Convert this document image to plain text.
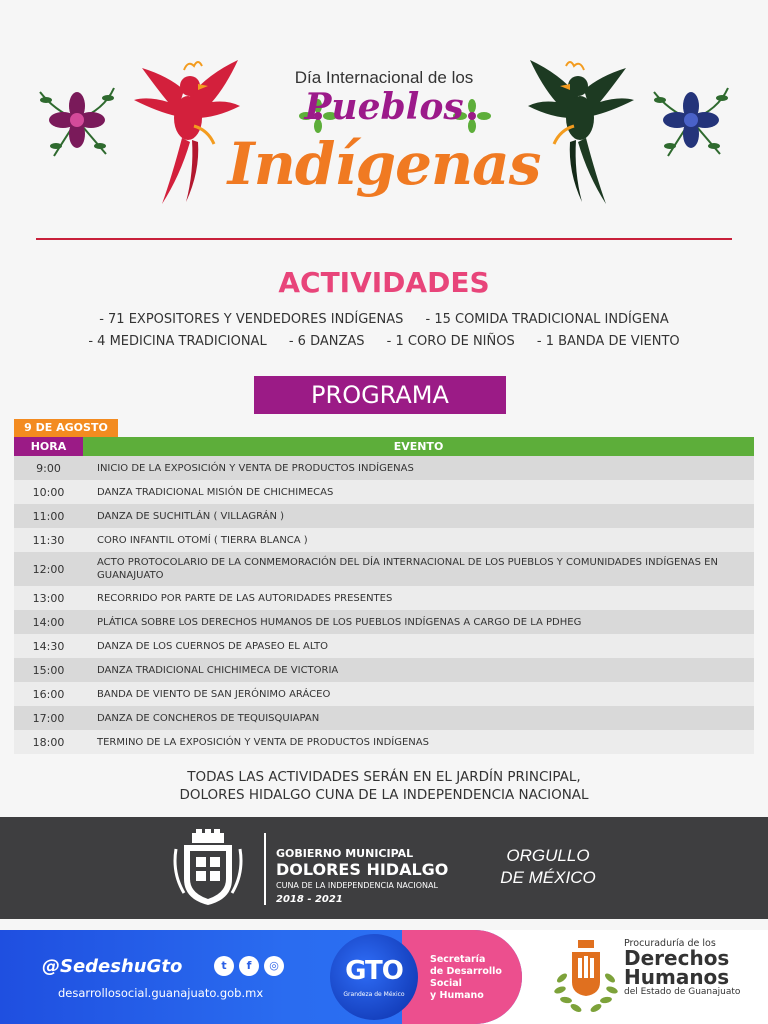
Día Internacional de los
Pueblos
Indígenas
ACTIVIDADES
- 71 EXPOSITORES Y VENDEDORES INDÍGENAS - 15 COMIDA TRADICIONAL INDÍGENA
- 4 MEDICINA TRADICIONAL - 6 DANZAS - 1 CORO DE NIÑOS - 1 BANDA DE VIENTO
PROGRAMA
9 DE AGOSTO
HORA	EVENTO
9:00	INICIO DE LA EXPOSICIÓN Y VENTA DE PRODUCTOS INDÍGENAS
10:00	DANZA TRADICIONAL MISIÓN DE CHICHIMECAS
11:00	DANZA DE SUCHITLÁN ( VILLAGRÁN )
11:30	CORO INFANTIL OTOMÍ ( TIERRA BLANCA )
12:00	ACTO PROTOCOLARIO DE LA CONMEMORACIÓN DEL DÍA INTERNACIONAL DE LOS PUEBLOS Y COMUNIDADES INDÍGENAS EN GUANAJUATO
13:00	RECORRIDO POR PARTE DE LAS AUTORIDADES PRESENTES
14:00	PLÁTICA SOBRE LOS DERECHOS HUMANOS DE LOS PUEBLOS INDÍGENAS A CARGO DE LA PDHEG
14:30	DANZA DE LOS CUERNOS DE APASEO EL ALTO
15:00	DANZA TRADICIONAL CHICHIMECA DE VICTORIA
16:00	BANDA DE VIENTO DE SAN JERÓNIMO ARÁCEO
17:00	DANZA DE CONCHEROS DE TEQUISQUIAPAN
18:00	TERMINO DE LA EXPOSICIÓN Y VENTA DE PRODUCTOS INDÍGENAS
TODAS LAS ACTIVIDADES SERÁN EN EL JARDÍN PRINCIPAL,
DOLORES HIDALGO CUNA DE LA INDEPENDENCIA NACIONAL
GOBIERNO MUNICIPAL
DOLORES HIDALGO
CUNA DE LA INDEPENDENCIA NACIONAL
2018 - 2021
ORGULLO
DE MÉXICO
@SedeshuGto	t	f	◎
desarrollosocial.guanajuato.gob.mx
GTO
Grandeza de México
Secretaría
de Desarrollo
Social
y Humano
Procuraduría de los
Derechos
Humanos
del Estado de Guanajuato
